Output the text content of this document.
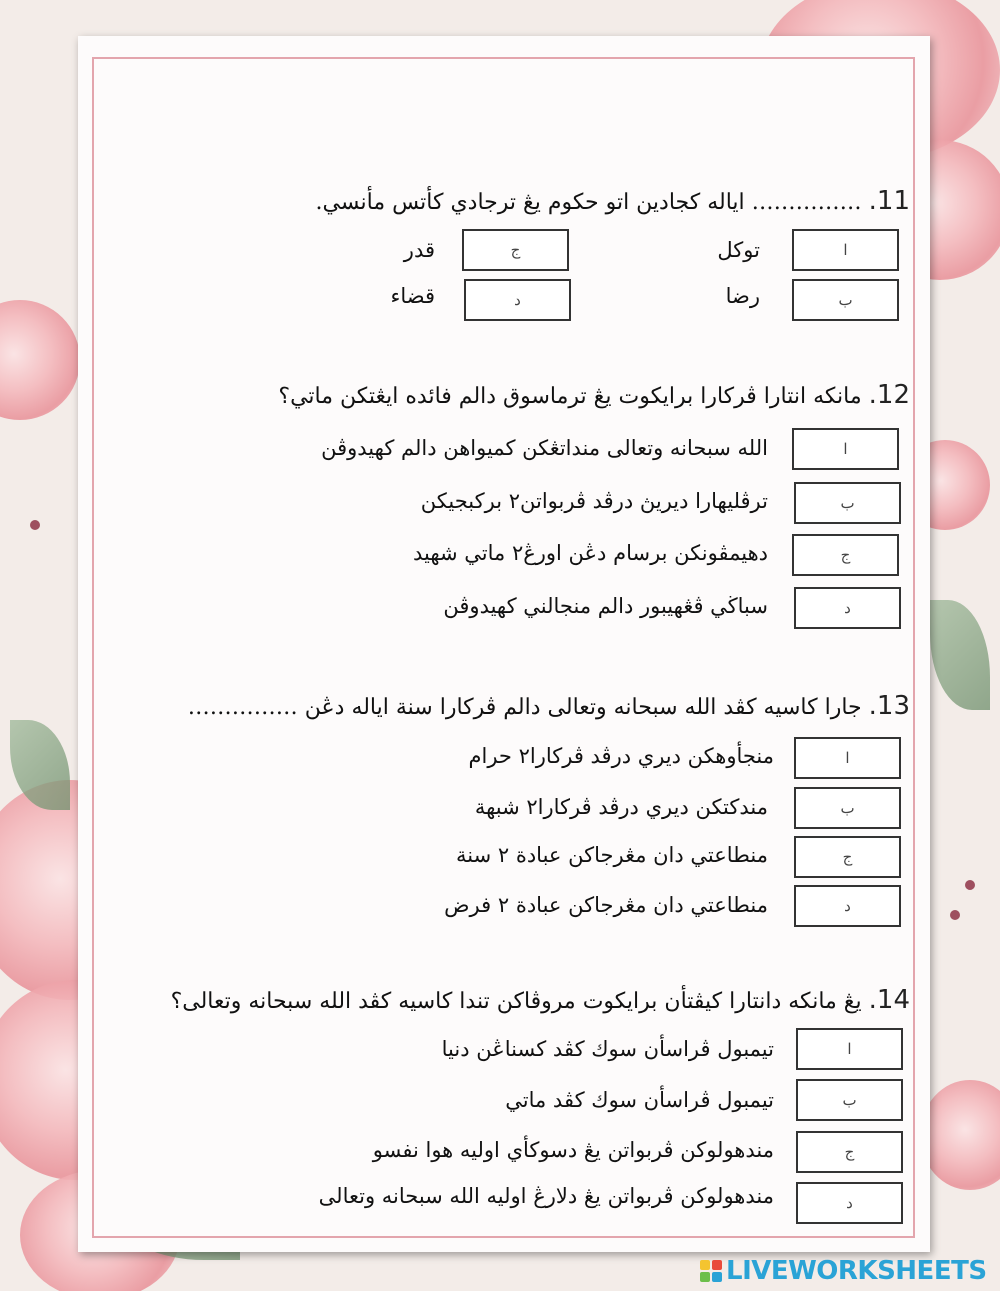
11. …………… اياله كجادين اتو حكوم يڠ ترجادي كأتس مأنسي.
ا
توكل
ب
رضا
ج
قدر
د
قضاء
12. مانكه انتارا ڤركارا برايكوت يڠ ترماسوق دالم فائده ايڠتكن ماتي؟
ا
الله سبحانه وتعالى منداتڠكن كميواهن دالم كهيدوڤن
ب
ترڤليهارا ديريڽ درڤد ڤربواتن٢ بركبجيكن
ج
دهيمڤونكن برسام دڠن اورڠ٢ ماتي شهيد
د
سباڬي ڤڠهيبور دالم منجالني كهيدوڤن
13. جارا كاسيه كڤد الله سبحانه وتعالى دالم ڤركارا سنة اياله دڠن ……………
ا
منجأوهكن ديري درڤد ڤركارا٢ حرام
ب
مندكتكن ديري درڤد ڤركارا٢ شبهة
ج
منطاعتي دان مڠرجاكن عبادة ٢ سنة
د
منطاعتي دان مڠرجاكن عبادة ٢ فرض
14. يڠ مانكه دانتارا كيڤتأن برايكوت مروڤاكن تندا كاسيه كڤد الله سبحانه وتعالى؟
ا
تيمبول ڤراسأن سوك كڤد كسناڠن دنيا
ب
تيمبول ڤراسأن سوك كڤد ماتي
ج
مندهولوكن ڤربواتن يڠ دسوكأي اوليه هوا نفسو
د
مندهولوكن ڤربواتن يڠ دلارڠ اوليه الله سبحانه وتعالى
LIVEWORKSHEETS
